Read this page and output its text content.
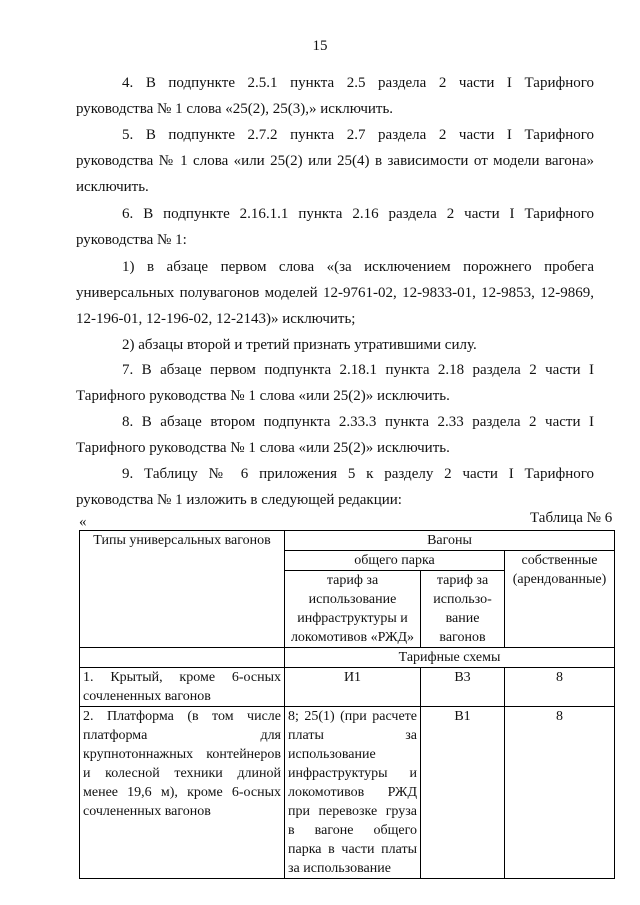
15

4. В подпункте 2.5.1 пункта 2.5 раздела 2 части I Тарифного

руководства № 1 слова «25(2), 25(3),» исключить.

5. В подпункте 2.7.2 пункта 2.7 раздела 2 части I Тарифного

руководства № 1 слова «или 25(2) или 25(4) в зависимости от модели вагона» исключить.

6. В подпункте 2.16.1.1 пункта 2.16 раздела 2 части I Тарифного

руководства № 1:

1) в абзаце первом слова «(за исключением порожнего пробега

универсальных полувагонов моделей 12-9761-02, 12-9833-01, 12-9853, 12-9869, 12-196-01, 12-196-02, 12-2143)» исключить;

2) абзацы второй и третий признать утратившими силу.

7. В абзаце первом подпункта 2.18.1 пункта 2.18 раздела 2 части I

Тарифного руководства № 1 слова «или 25(2)» исключить.

8. В абзаце втором подпункта 2.33.3 пункта 2.33 раздела 2 части I

Тарифного руководства № 1 слова «или 25(2)» исключить.

9. Таблицу № 6 приложения 5 к разделу 2 части I Тарифного

руководства № 1 изложить в следующей редакции:

«	Таблица № 6
Типы универсальных вагонов	Вагоны		
	общего парка		собственные (арендованные)
	тариф за использование инфраструктуры и локомотивов «РЖД»	тариф за использо-вание вагонов	
	Тарифные схемы		
1. Крытый, кроме 6-осных сочлененных вагонов	И1	В3	8
2. Платформа (в том числе платформа для крупнотоннажных контейнеров и колесной техники длиной менее 19,6 м), кроме 6-осных сочлененных вагонов	8; 25(1) (при расчете платы за использование инфраструктуры и локомотивов РЖД при перевозке груза в вагоне общего парка в части платы за использование	В1	8
